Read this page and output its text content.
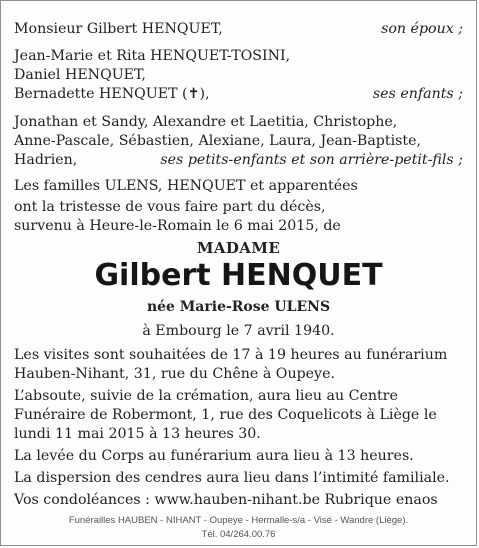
Monsieur Gilbert HENQUET,	son époux ;
Jean-Marie et Rita HENQUET-TOSINI,
Daniel HENQUET,
Bernadette HENQUET (✝),	ses enfants ;
Jonathan et Sandy, Alexandre et Laetitia, Christophe,
Anne-Pascale, Sébastien, Alexiane, Laura, Jean-Baptiste,
Hadrien,	ses petits-enfants et son arrière-petit-fils ;
Les familles ULENS, HENQUET et apparentées
ont la tristesse de vous faire part du décès,
survenu à Heure-le-Romain le 6 mai 2015, de
MADAME
Gilbert HENQUET
née Marie-Rose ULENS
à Embourg le 7 avril 1940.
Les visites sont souhaitées de 17 à 19 heures au funérarium
Hauben-Nihant, 31, rue du Chêne à Oupeye.
L’absoute, suivie de la crémation, aura lieu au Centre
Funéraire de Robermont, 1, rue des Coquelicots à Liège le
lundi 11 mai 2015 à 13 heures 30.
La levée du Corps au funérarium aura lieu à 13 heures.
La dispersion des cendres aura lieu dans l’intimité familiale.
Vos condoléances : www.hauben-nihant.be Rubrique enaos
Funérailles HAUBEN - NIHANT - Oupeye - Hermalle-s/a - Visé - Wandre (Liège).
Tél. 04/264.00.76
